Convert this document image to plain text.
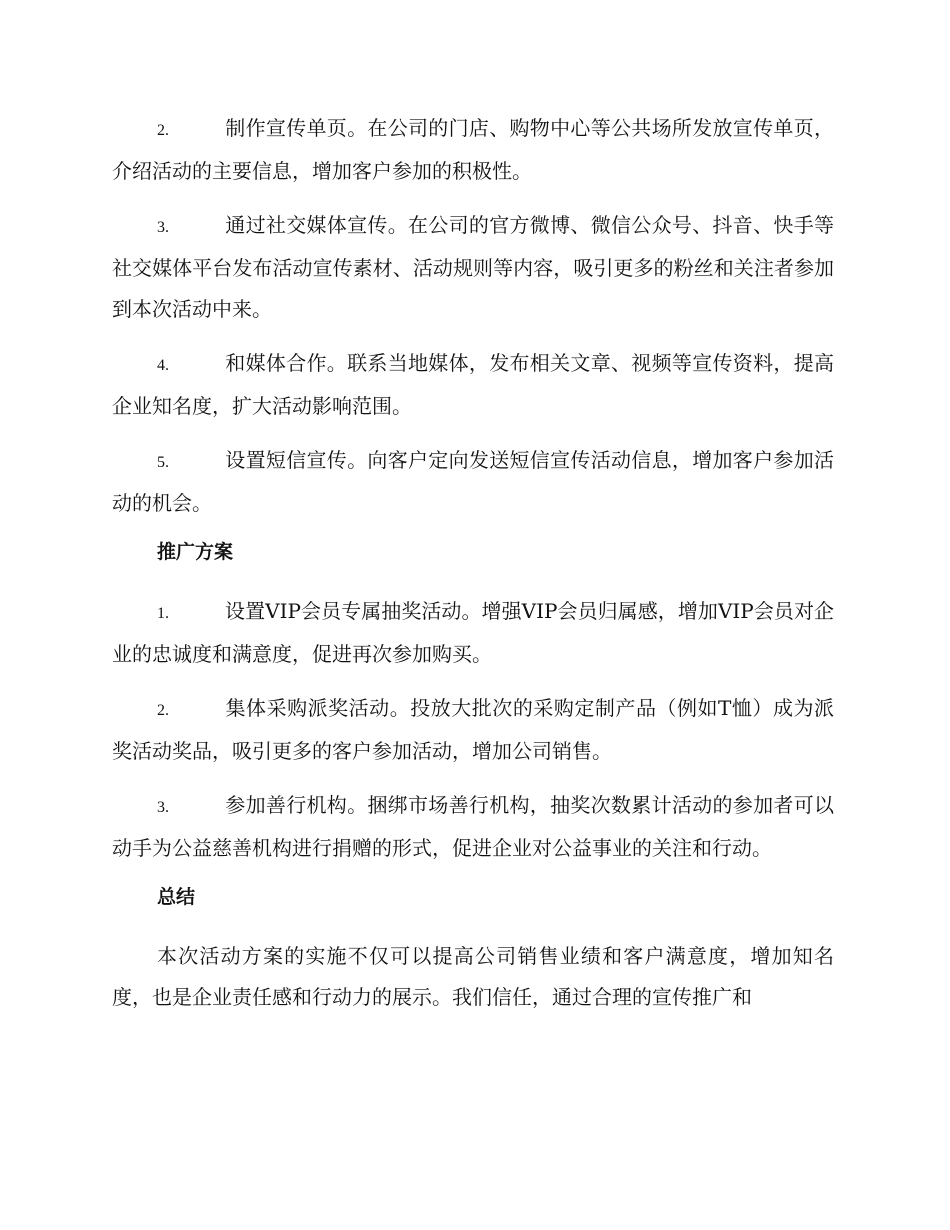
2.	制作宣传单页。在公司的门店、购物中心等公共场所发放宣传单页，介绍活动的主要信息，增加客户参加的积极性。
3.	通过社交媒体宣传。在公司的官方微博、微信公众号、抖音、快手等社交媒体平台发布活动宣传素材、活动规则等内容，吸引更多的粉丝和关注者参加到本次活动中来。
4.	和媒体合作。联系当地媒体，发布相关文章、视频等宣传资料，提高企业知名度，扩大活动影响范围。
5.	设置短信宣传。向客户定向发送短信宣传活动信息，增加客户参加活动的机会。
推广方案
1.	设置VIP会员专属抽奖活动。增强VIP会员归属感，增加VIP会员对企业的忠诚度和满意度，促进再次参加购买。
2.	集体采购派奖活动。投放大批次的采购定制产品（例如T恤）成为派奖活动奖品，吸引更多的客户参加活动，增加公司销售。
3.	参加善行机构。捆绑市场善行机构，抽奖次数累计活动的参加者可以动手为公益慈善机构进行捐赠的形式，促进企业对公益事业的关注和行动。
总结

本次活动方案的实施不仅可以提高公司销售业绩和客户满意度，增加知名度，也是企业责任感和行动力的展示。我们信任，通过合理的宣传推广和
